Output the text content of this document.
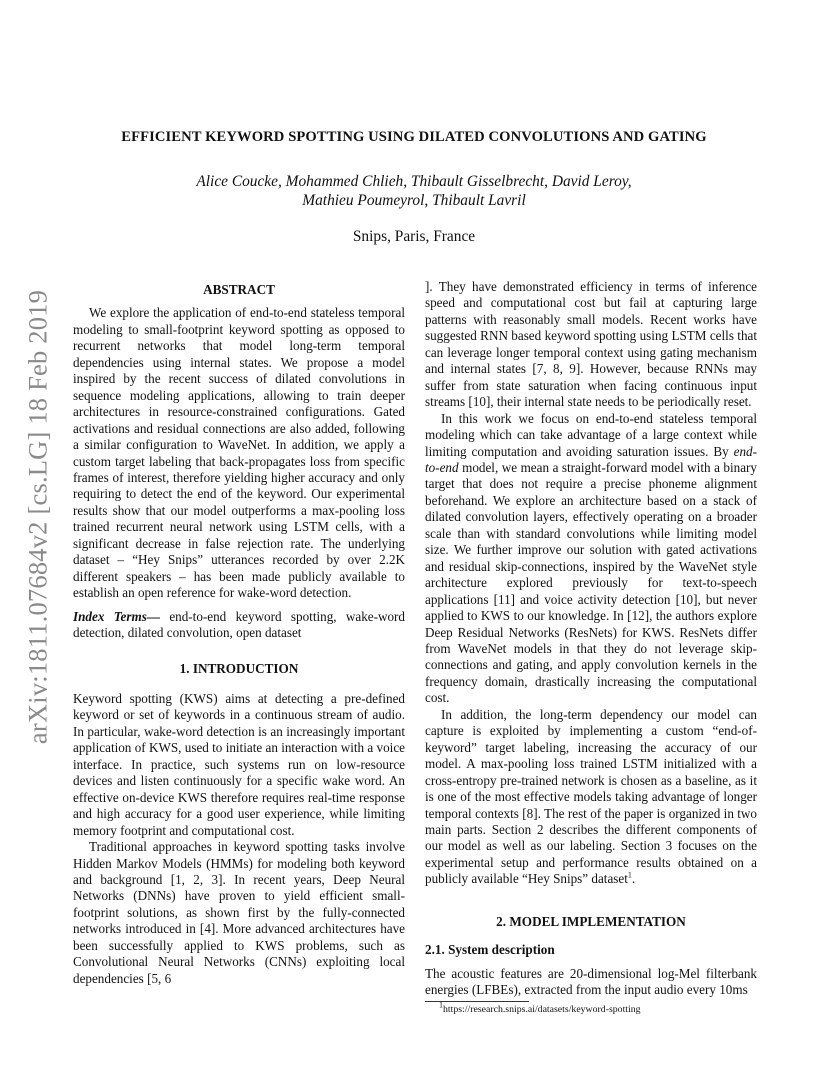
arXiv:1811.07684v2 [cs.LG] 18 Feb 2019
EFFICIENT KEYWORD SPOTTING USING DILATED CONVOLUTIONS AND GATING
Alice Coucke, Mohammed Chlieh, Thibault Gisselbrecht, David Leroy,
Mathieu Poumeyrol, Thibault Lavril
Snips, Paris, France
ABSTRACT

We explore the application of end-to-end stateless temporal modeling to small-footprint keyword spotting as opposed to recurrent networks that model long-term temporal dependencies using internal states. We propose a model inspired by the recent success of dilated convolutions in sequence modeling applications, allowing to train deeper architectures in resource-constrained configurations. Gated activations and residual connections are also added, following a similar configuration to WaveNet. In addition, we apply a custom target labeling that back-propagates loss from specific frames of interest, therefore yielding higher accuracy and only requiring to detect the end of the keyword. Our experimental results show that our model outperforms a max-pooling loss trained recurrent neural network using LSTM cells, with a significant decrease in false rejection rate. The underlying dataset – “Hey Snips” utterances recorded by over 2.2K different speakers – has been made publicly available to establish an open reference for wake-word detection.

Index Terms— end-to-end keyword spotting, wake-word detection, dilated convolution, open dataset

1. INTRODUCTION

Keyword spotting (KWS) aims at detecting a pre-defined keyword or set of keywords in a continuous stream of audio. In particular, wake-word detection is an increasingly important application of KWS, used to initiate an interaction with a voice interface. In practice, such systems run on low-resource devices and listen continuously for a specific wake word. An effective on-device KWS therefore requires real-time response and high accuracy for a good user experience, while limiting memory footprint and computational cost.

Traditional approaches in keyword spotting tasks involve Hidden Markov Models (HMMs) for modeling both keyword and background [1, 2, 3]. In recent years, Deep Neural Networks (DNNs) have proven to yield efficient small-footprint solutions, as shown first by the fully-connected networks introduced in [4]. More advanced architectures have been successfully applied to KWS problems, such as Convolutional Neural Networks (CNNs) exploiting local dependencies [5, 6

]. They have demonstrated efficiency in terms of inference speed and computational cost but fail at capturing large patterns with reasonably small models. Recent works have suggested RNN based keyword spotting using LSTM cells that can leverage longer temporal context using gating mechanism and internal states [7, 8, 9]. However, because RNNs may suffer from state saturation when facing continuous input streams [10], their internal state needs to be periodically reset.

In this work we focus on end-to-end stateless temporal modeling which can take advantage of a large context while limiting computation and avoiding saturation issues. By end-to-end model, we mean a straight-forward model with a binary target that does not require a precise phoneme alignment beforehand. We explore an architecture based on a stack of dilated convolution layers, effectively operating on a broader scale than with standard convolutions while limiting model size. We further improve our solution with gated activations and residual skip-connections, inspired by the WaveNet style architecture explored previously for text-to-speech applications [11] and voice activity detection [10], but never applied to KWS to our knowledge. In [12], the authors explore Deep Residual Networks (ResNets) for KWS. ResNets differ from WaveNet models in that they do not leverage skip-connections and gating, and apply convolution kernels in the frequency domain, drastically increasing the computational cost.

In addition, the long-term dependency our model can capture is exploited by implementing a custom “end-of-keyword” target labeling, increasing the accuracy of our model. A max-pooling loss trained LSTM initialized with a cross-entropy pre-trained network is chosen as a baseline, as it is one of the most effective models taking advantage of longer temporal contexts [8]. The rest of the paper is organized in two main parts. Section 2 describes the different components of our model as well as our labeling. Section 3 focuses on the experimental setup and performance results obtained on a publicly available “Hey Snips” dataset$^1$.

2. MODEL IMPLEMENTATION
2.1. System description

The acoustic features are 20-dimensional log-Mel filterbank energies (LFBEs), extracted from the input audio every 10ms

$^1$https://research.snips.ai/datasets/keyword-spotting
